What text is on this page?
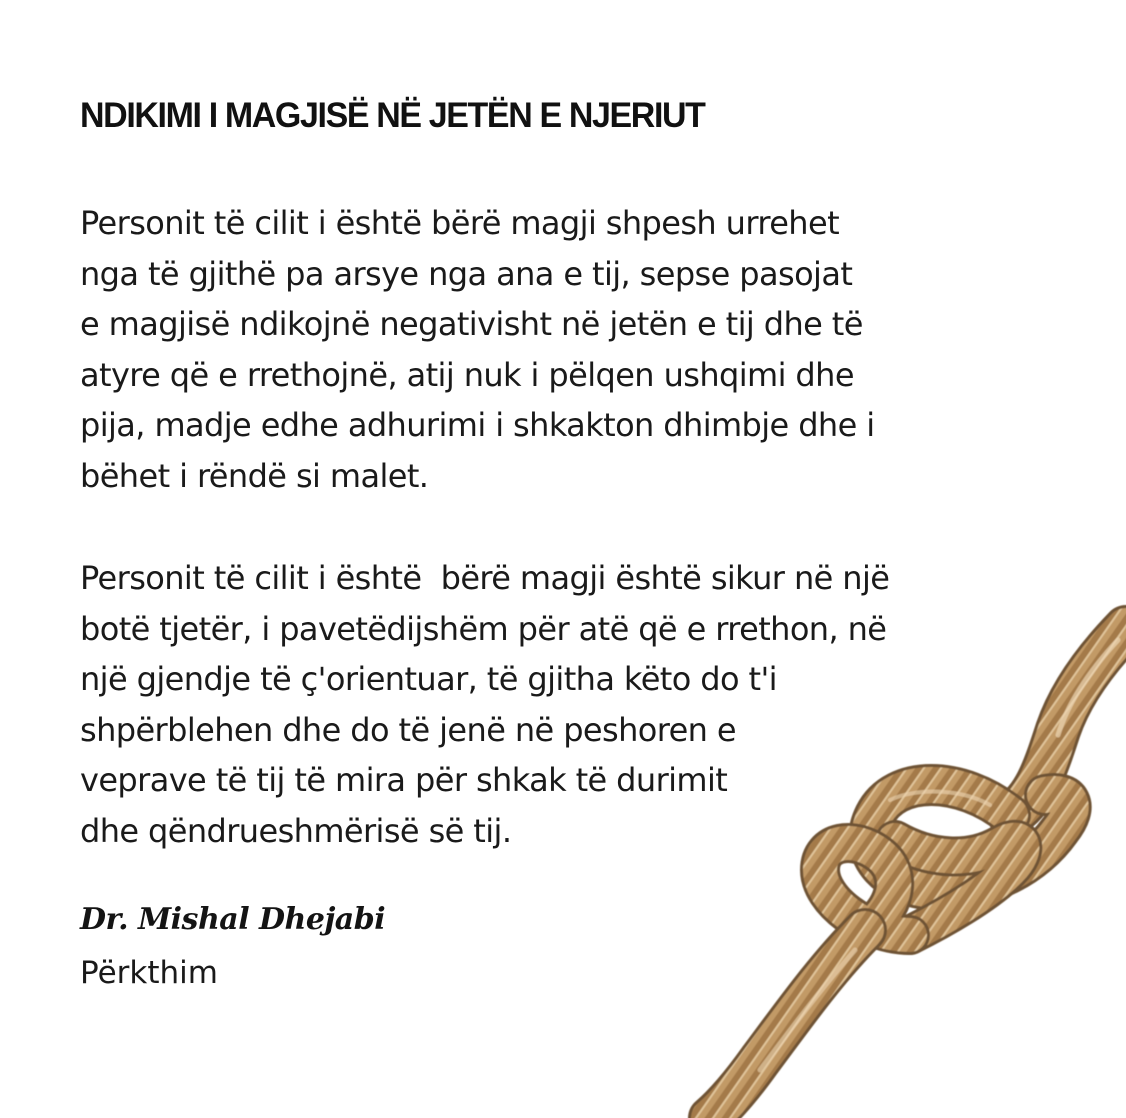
NDIKIMI I MAGJISË NË JETËN E NJERIUT

Personit të cilit i është bërë magji shpesh urrehet
nga të gjithë pa arsye nga ana e tij, sepse pasojat
e magjisë ndikojnë negativisht në jetën e tij dhe të
atyre që e rrethojnë, atij nuk i pëlqen ushqimi dhe
pija, madje edhe adhurimi i shkakton dhimbje dhe i
bëhet i rëndë si malet.

Personit të cilit i është  bërë magji është sikur në një
botë tjetër, i pavetëdijshëm për atë që e rrethon, në
një gjendje të ç'orientuar, të gjitha këto do t'i
shpërblehen dhe do të jenë në peshoren e
veprave të tij të mira për shkak të durimit
dhe qëndrueshmërisë së tij.

Dr. Mishal Dhejabi

Përkthim
